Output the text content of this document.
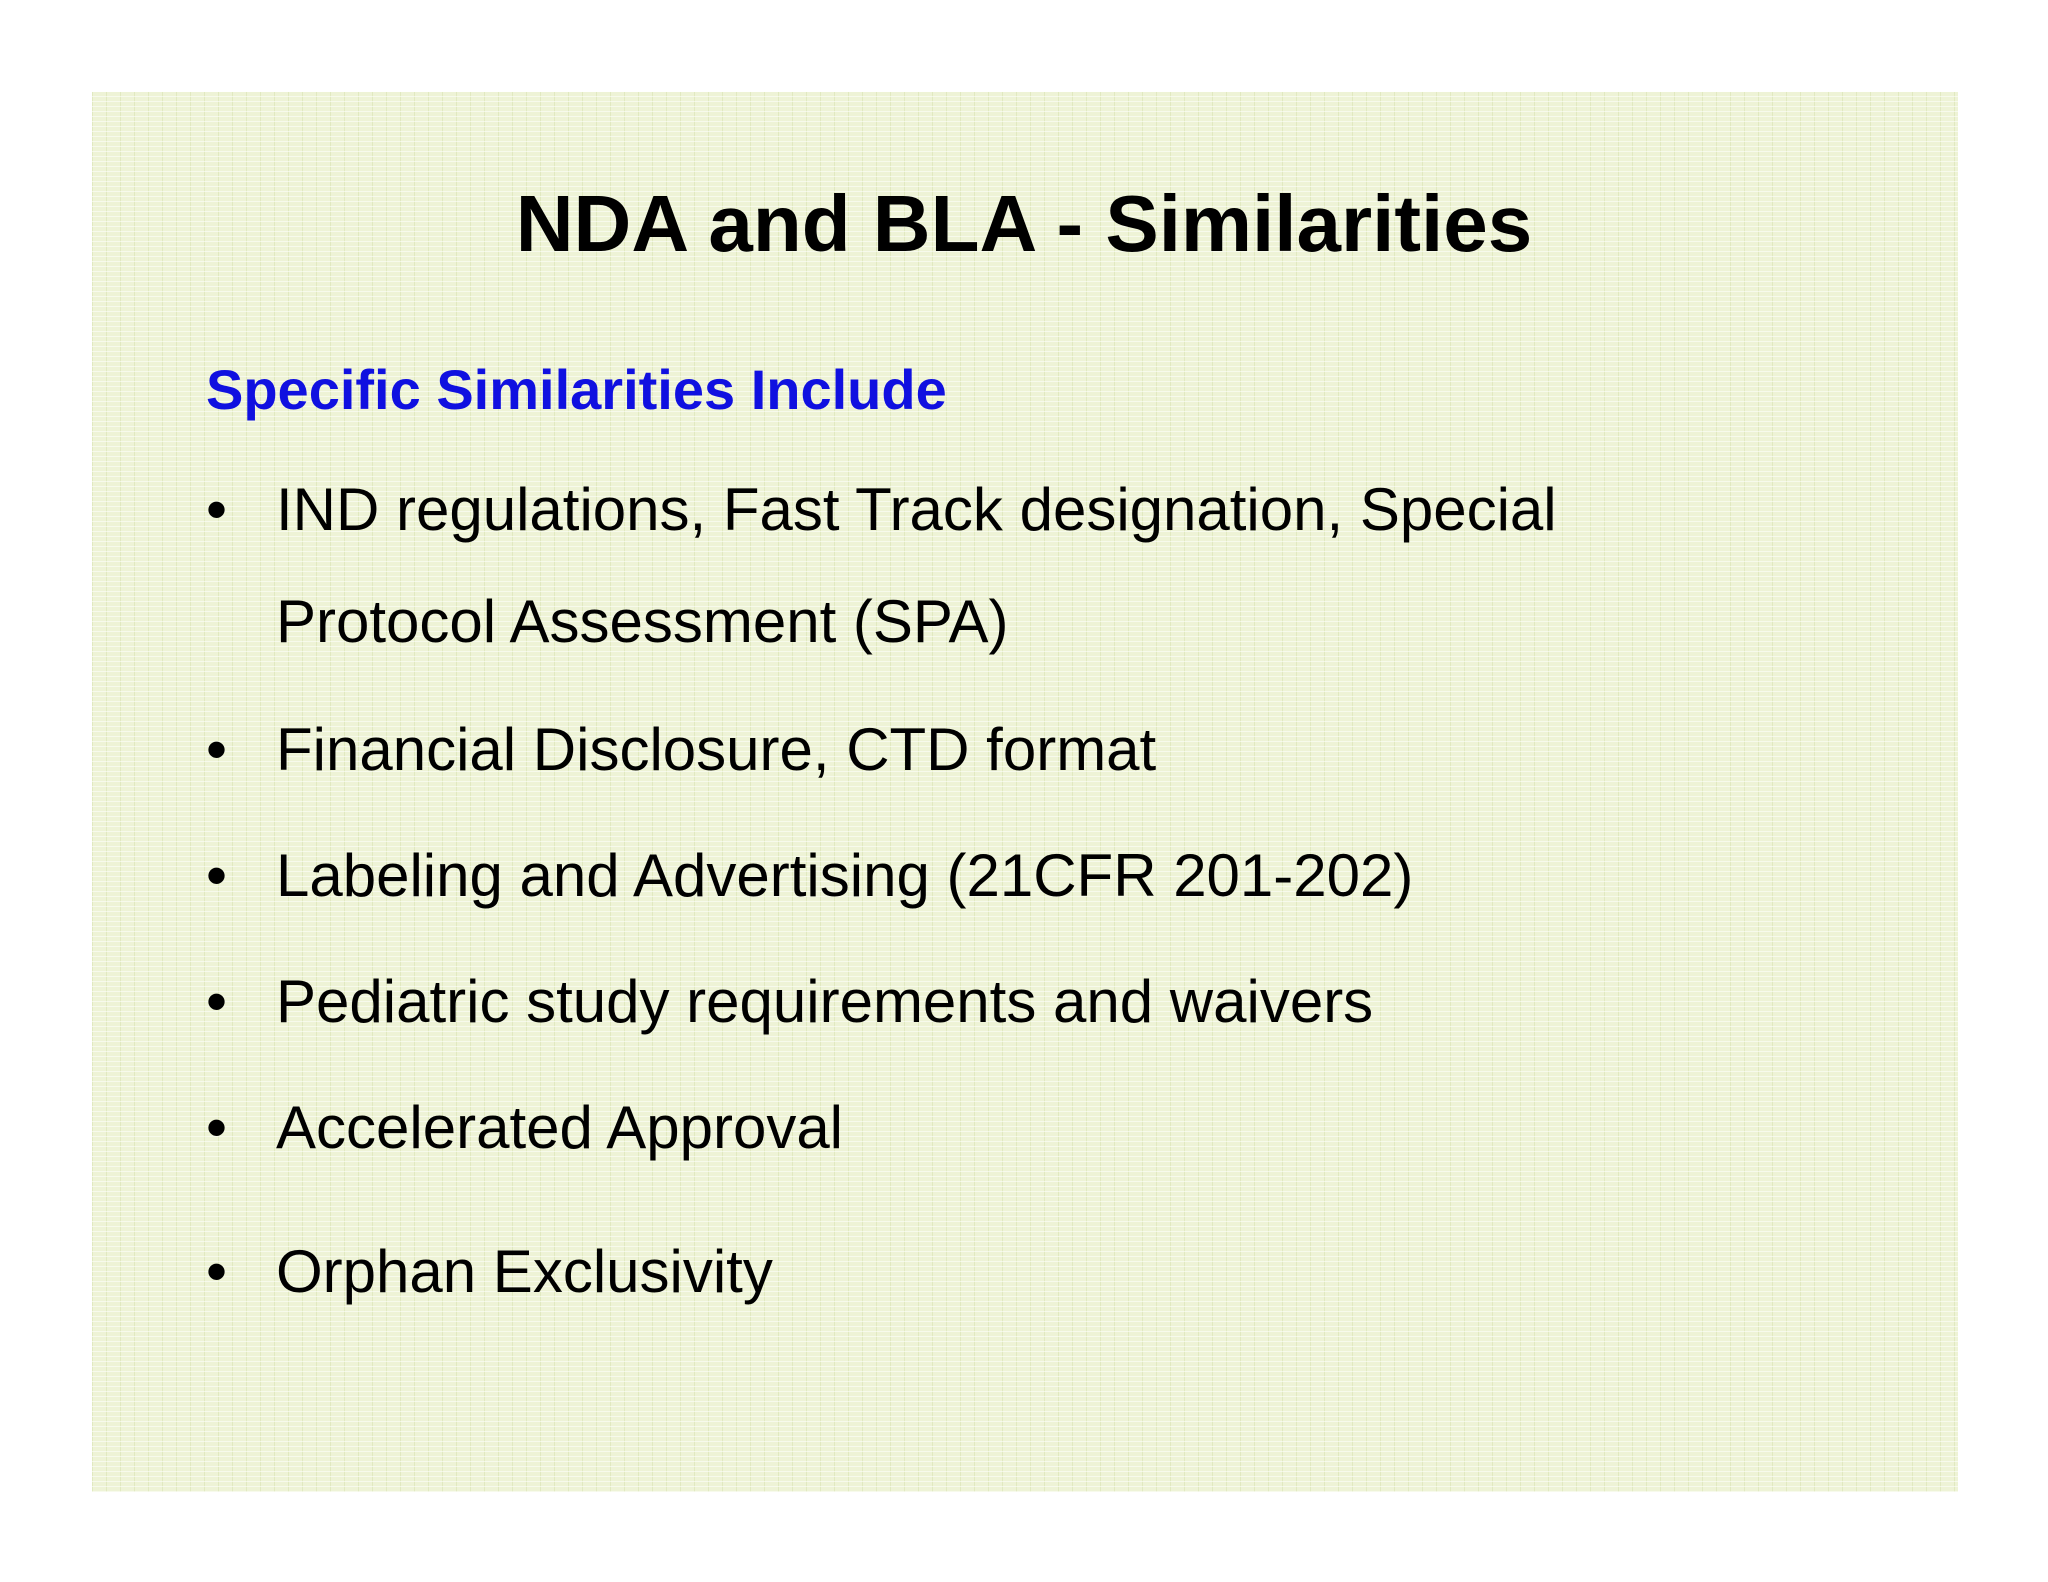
NDA and BLA - Similarities
Specific Similarities Include
• IND regulations, Fast Track designation, Special
Protocol Assessment (SPA)
• Financial Disclosure, CTD format
• Labeling and Advertising (21CFR 201-202)
• Pediatric study requirements and waivers
• Accelerated Approval
• Orphan Exclusivity
